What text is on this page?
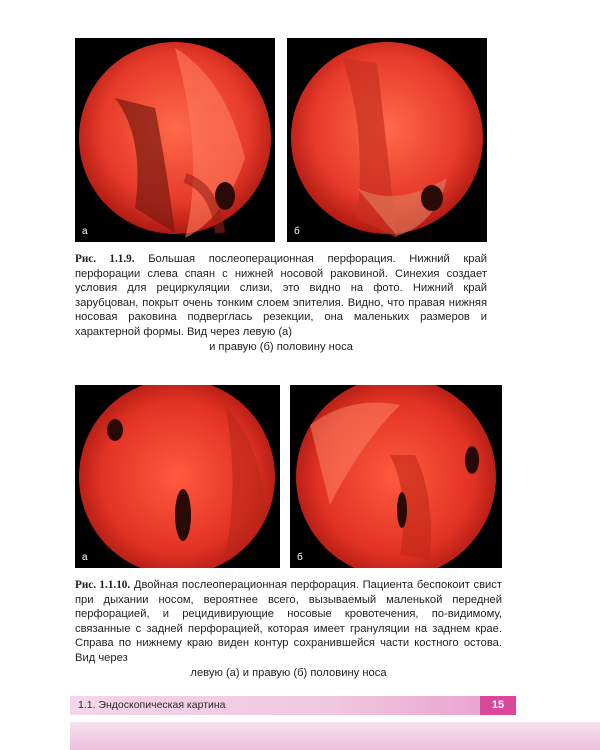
а	б
Рис. 1.1.9. Большая послеоперационная перфорация. Нижний край перфорации слева спаян с нижней носовой раковиной. Синехия создает условия для рециркуляции слизи, это видно на фото. Нижний край зарубцован, покрыт очень тонким слоем эпителия. Видно, что правая нижняя носовая раковина подверглась резекции, она маленьких размеров и характерной формы. Вид через левую (а)
и правую (б) половину носа
а	б
Рис. 1.1.10. Двойная послеоперационная перфорация. Пациента беспокоит свист при дыхании носом, вероятнее всего, вызываемый маленькой передней перфорацией, и рецидивирующие носовые кровотечения, по-видимому, связанные с задней перфорацией, которая имеет грануляции на заднем крае. Справа по нижнему краю виден контур сохранившейся части костного остова. Вид через
левую (а) и правую (б) половину носа
1.1. Эндоскопическая картина	15
